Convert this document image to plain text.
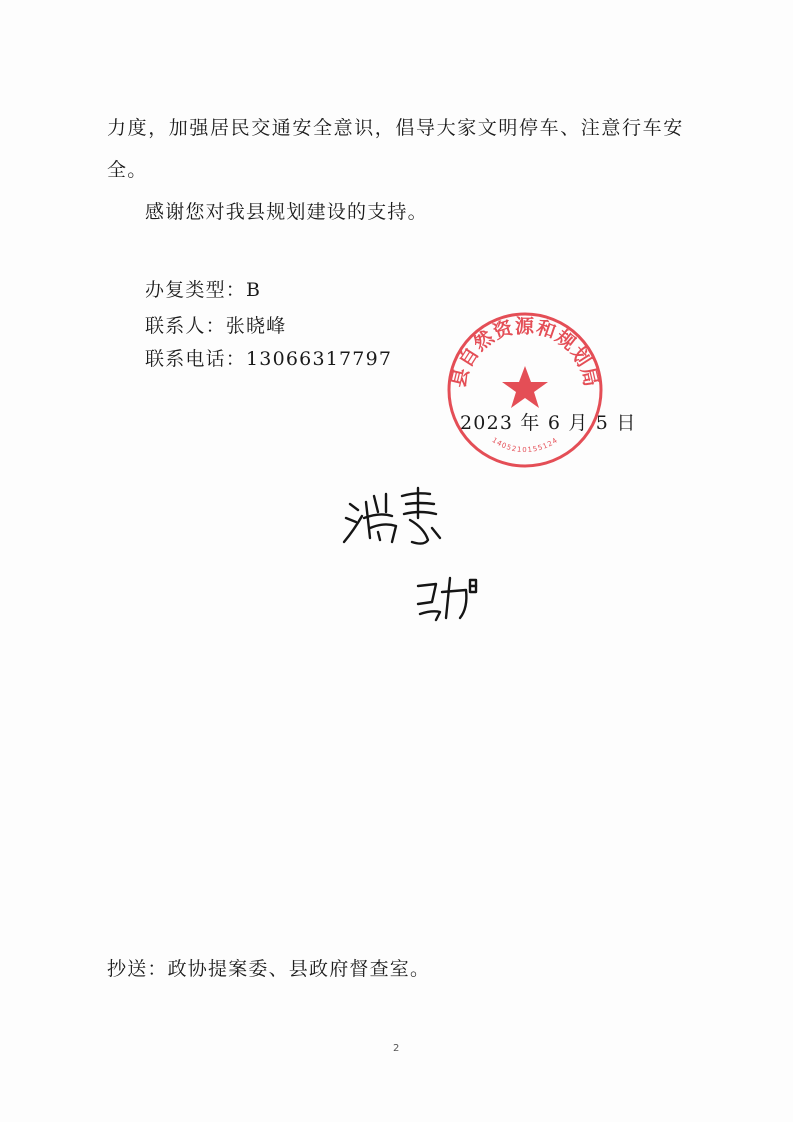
力度，加强居民交通安全意识，倡导大家文明停车、注意行车安
全。
感谢您对我县规划建设的支持。
办复类型：B
联系人：张晓峰
联系电话：13066317797
县自然资源和规划局
1405210155124
2023 年 6 月 5 日
抄送：政协提案委、县政府督查室。
2
